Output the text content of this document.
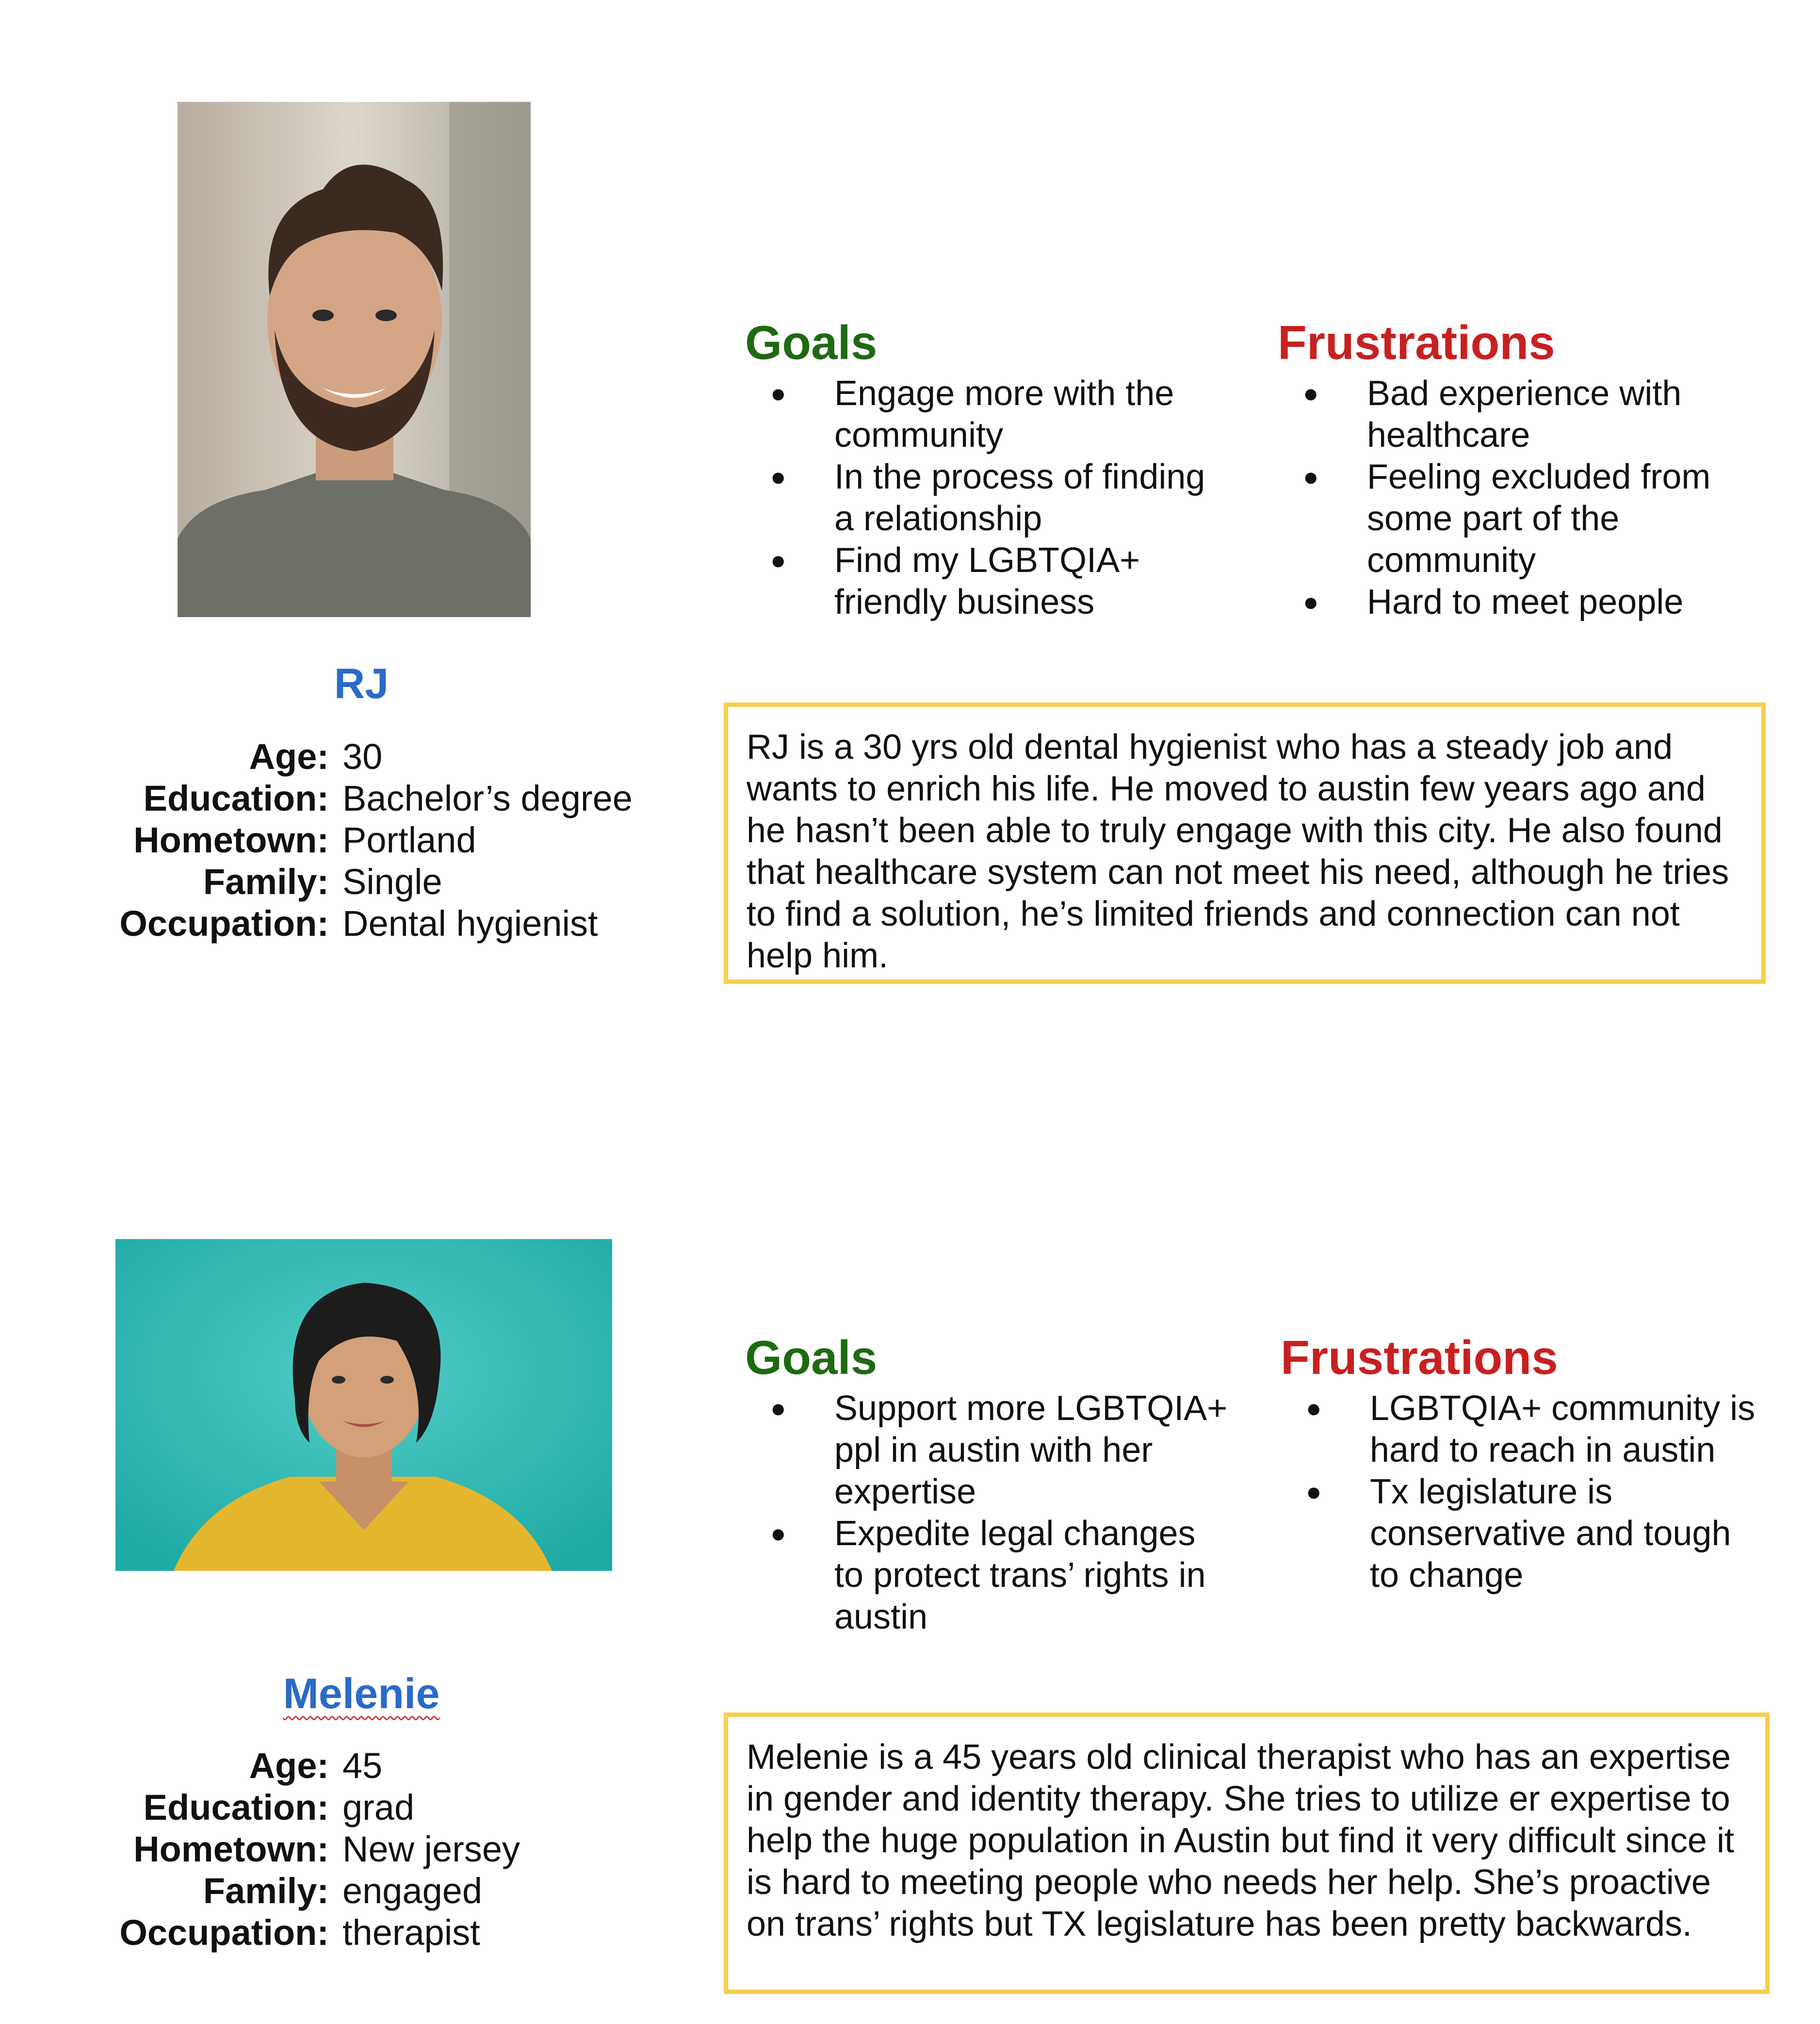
RJ
Age: 30
Education: Bachelor’s degree
Hometown: Portland
Family: Single
Occupation: Dental hygienist
Goals
● Engage more with the community
● In the process of finding a relationship
● Find my LGBTQIA+ friendly business
Frustrations
● Bad experience with healthcare
● Feeling excluded from some part of the community
● Hard to meet people
RJ is a 30 yrs old dental hygienist who has a steady job and wants to enrich his life. He moved to austin few years ago and he hasn’t been able to truly engage with this city. He also found that healthcare system can not meet his need, although he tries to find a solution, he’s limited friends and connection can not help him.
Melenie
Age: 45
Education: grad
Hometown: New jersey
Family: engaged
Occupation: therapist
Goals
● Support more LGBTQIA+ ppl in austin with her expertise
● Expedite legal changes to protect trans’ rights in austin
Frustrations
● LGBTQIA+ community is hard to reach in austin
● Tx legislature is conservative and tough to change
Melenie is a 45 years old clinical therapist who has an expertise in gender and identity therapy. She tries to utilize er expertise to help the huge population in Austin but find it very difficult since it is hard to meeting people who needs her help. She’s proactive on trans’ rights but TX legislature has been pretty backwards.
